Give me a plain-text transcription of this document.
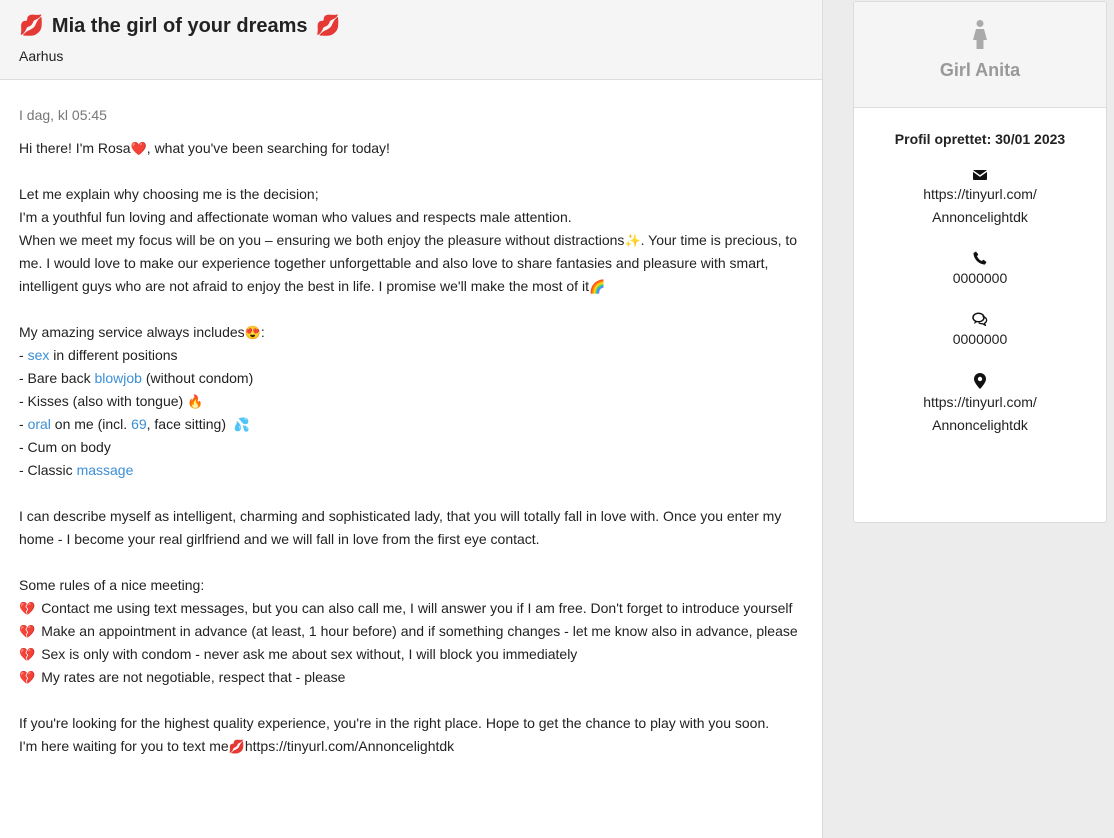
💋 Mia the girl of your dreams 💋
Aarhus
I dag, kl 05:45

Hi there! I'm Rosa❤️, what you've been searching for today!

Let me explain why choosing me is the decision;

I'm a youthful fun loving and affectionate woman who values and respects male attention.

When we meet my focus will be on you – ensuring we both enjoy the pleasure without distractions✨. Your time is precious, to me. I would love to make our experience together unforgettable and also love to share fantasies and pleasure with smart, intelligent guys who are not afraid to enjoy the best in life. I promise we'll make the most of it🌈

My amazing service always includes😍:

- sex in different positions

- Bare back blowjob (without condom)

- Kisses (also with tongue) 🔥

- oral on me (incl. 69, face sitting) 💦

- Cum on body

- Classic massage

I can describe myself as intelligent, charming and sophisticated lady, that you will totally fall in love with. Once you enter my home - I become your real girlfriend and we will fall in love from the first eye contact.

Some rules of a nice meeting:

💔 Contact me using text messages, but you can also call me, I will answer you if I am free. Don't forget to introduce yourself

💔 Make an appointment in advance (at least, 1 hour before) and if something changes - let me know also in advance, please

💔 Sex is only with condom - never ask me about sex without, I will block you immediately

💔 My rates are not negotiable, respect that - please

If you're looking for the highest quality experience, you're in the right place. Hope to get the chance to play with you soon.

I'm here waiting for you to text me💋https://tinyurl.com/Annoncelightdk

Girl Anita
Profil oprettet: 30/01 2023
https://tinyurl.com/
Annoncelightdk
0000000
0000000
https://tinyurl.com/
Annoncelightdk
